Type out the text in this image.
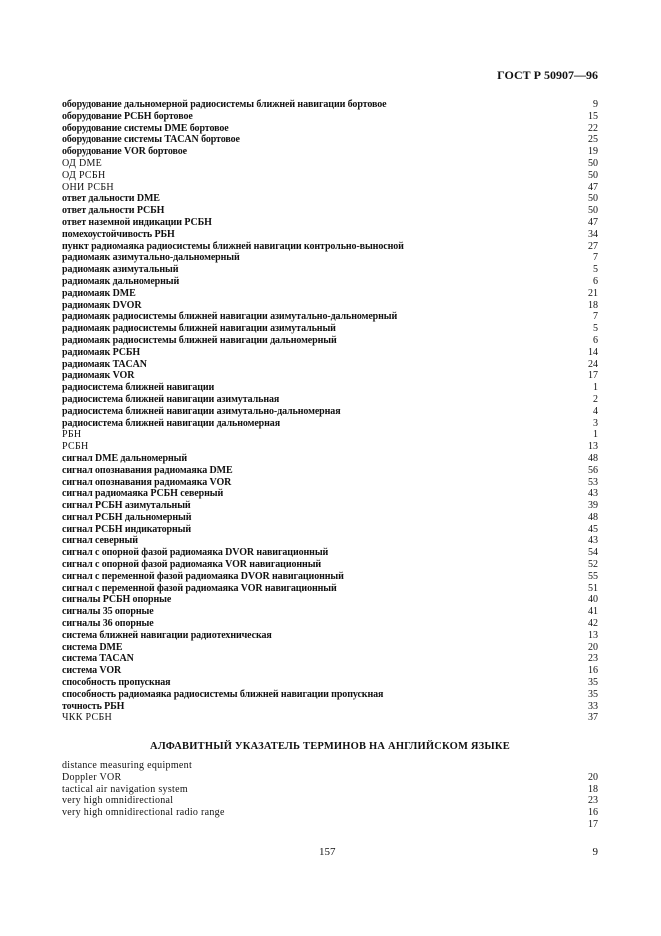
ГОСТ Р 50907—96
оборудование дальномерной радиосистемы ближней навигации бортовое	9
оборудование РСБН бортовое	15
оборудование системы DME бортовое	22
оборудование системы TACAN бортовое	25
оборудование VOR бортовое	19
ОД DME	50
ОД РСБН	50
ОНИ РСБН	47
ответ дальности DME	50
ответ дальности РСБН	50
ответ наземной индикации РСБН	47
помехоустойчивость РБН	34
пункт радиомаяка радиосистемы ближней навигации контрольно-выносной	27
радиомаяк азимутально-дальномерный	7
радиомаяк азимутальный	5
радиомаяк дальномерный	6
радиомаяк DME	21
радиомаяк DVOR	18
радиомаяк радиосистемы ближней навигации азимутально-дальномерный	7
радиомаяк радиосистемы ближней навигации азимутальный	5
радиомаяк радиосистемы ближней навигации дальномерный	6
радиомаяк РСБН	14
радиомаяк TACAN	24
радиомаяк VOR	17
радиосистема ближней навигации	1
радиосистема ближней навигации азимутальная	2
радиосистема ближней навигации азимутально-дальномерная	4
радиосистема ближней навигации дальномерная	3
РБН	1
РСБН	13
сигнал DME дальномерный	48
сигнал опознавания радиомаяка DME	56
сигнал опознавания радиомаяка VOR	53
сигнал радиомаяка РСБН северный	43
сигнал РСБН азимутальный	39
сигнал РСБН дальномерный	48
сигнал РСБН индикаторный	45
сигнал северный	43
сигнал с опорной фазой радиомаяка DVOR навигационный	54
сигнал с опорной фазой радиомаяка VOR навигационный	52
сигнал с переменной фазой радиомаяка DVOR навигационный	55
сигнал с переменной фазой радиомаяка VOR навигационный	51
сигналы РСБН опорные	40
сигналы 35 опорные	41
сигналы 36 опорные	42
система ближней навигации радиотехническая	13
система DME	20
система TACAN	23
система VOR	16
способность пропускная	35
способность радиомаяка радиосистемы ближней навигации пропускная	35
точность РБН	33
ЧКК РСБН	37
АЛФАВИТНЫЙ УКАЗАТЕЛЬ ТЕРМИНОВ НА АНГЛИЙСКОМ ЯЗЫКЕ
distance measuring equipment
Doppler VOR	20
tactical air navigation system	18
very high omnidirectional	23
very high omnidirectional radio range	16
17
157	9
